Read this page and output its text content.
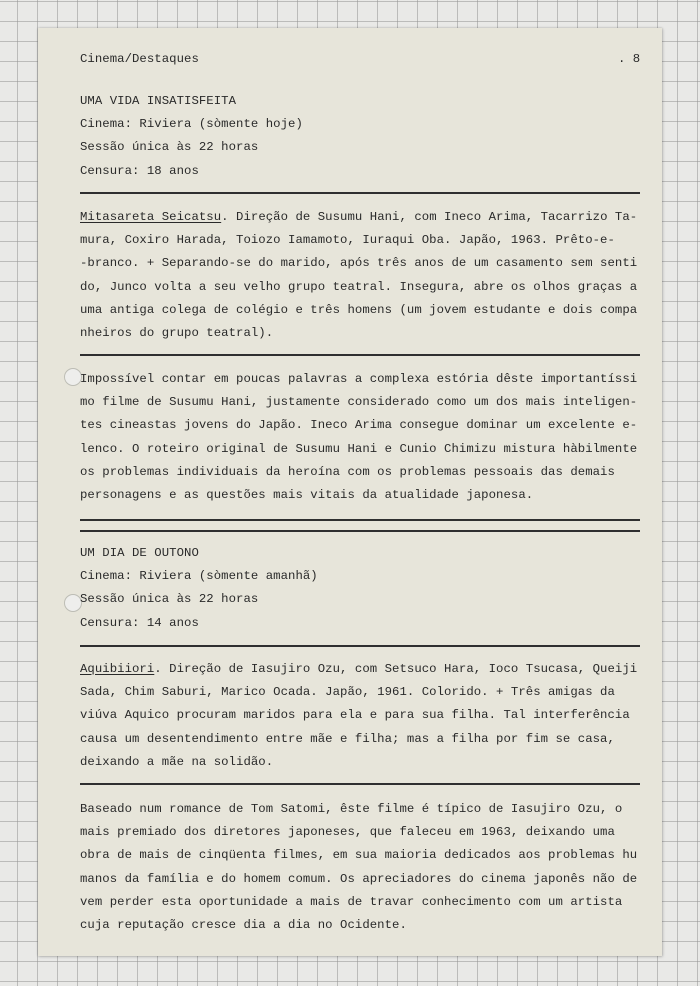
Cinema/Destaques	. 8

UMA VIDA INSATISFEITA
Cinema: Riviera (sòmente hoje)
Sessão única às 22 horas
Censura: 18 anos
Mitasareta Seicatsu. Direção de Susumu Hani, com Ineco Arima, Tacarrizo Ta-
mura, Coxiro Harada, Toiozo Iamamoto, Iuraqui Oba. Japão, 1963. Prêto-e-
-branco. + Separando-se do marido, após três anos de um casamento sem senti
do, Junco volta a seu velho grupo teatral. Insegura, abre os olhos graças a
uma antiga colega de colégio e três homens (um jovem estudante e dois compa
nheiros do grupo teatral).
Impossível contar em poucas palavras a complexa estória dêste importantíssi
mo filme de Susumu Hani, justamente considerado como um dos mais inteligen-
tes cineastas jovens do Japão. Ineco Arima consegue dominar um excelente e-
lenco. O roteiro original de Susumu Hani e Cunio Chimizu mistura hàbilmente
os problemas individuais da heroína com os problemas pessoais das demais
personagens e as questões mais vitais da atualidade japonesa.
UM DIA DE OUTONO
Cinema: Riviera (sòmente amanhã)
Sessão única às 22 horas
Censura: 14 anos
Aquibiiori. Direção de Iasujiro Ozu, com Setsuco Hara, Ioco Tsucasa, Queiji
Sada, Chim Saburi, Marico Ocada. Japão, 1961. Colorido. + Três amigas da
viúva Aquico procuram maridos para ela e para sua filha. Tal interferência
causa um desentendimento entre mãe e filha; mas a filha por fim se casa,
deixando a mãe na solidão.
Baseado num romance de Tom Satomi, êste filme é típico de Iasujiro Ozu, o
mais premiado dos diretores japoneses, que faleceu em 1963, deixando uma
obra de mais de cinqüenta filmes, em sua maioria dedicados aos problemas hu
manos da família e do homem comum. Os apreciadores do cinema japonês não de
vem perder esta oportunidade a mais de travar conhecimento com um artista
cuja reputação cresce dia a dia no Ocidente.
